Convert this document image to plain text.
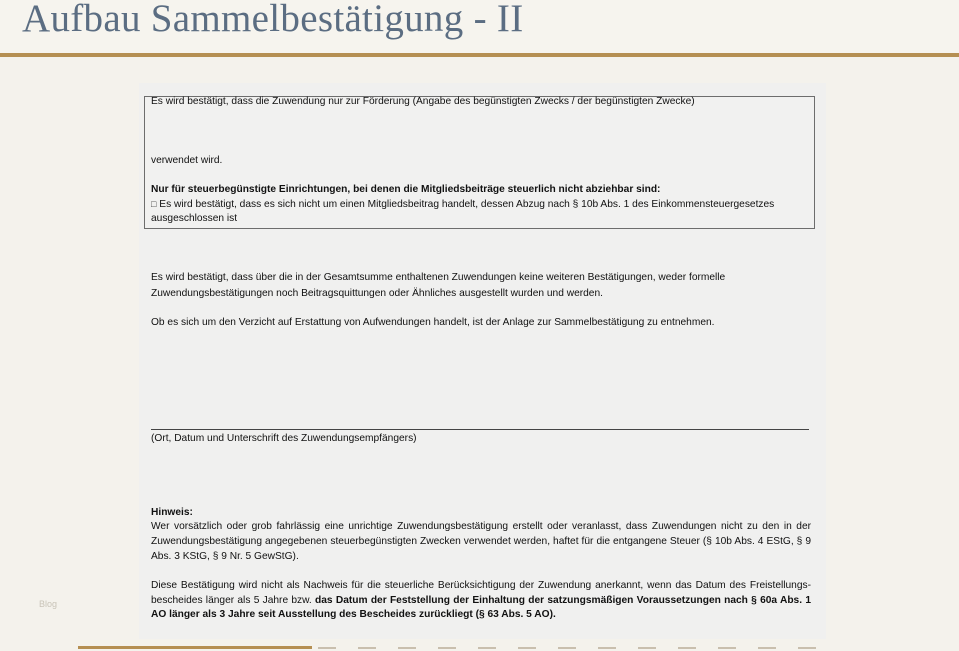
Aufbau Sammelbestätigung - II
Es wird bestätigt, dass die Zuwendung nur zur Förderung (Angabe des begünstigten Zwecks / der begünstigten Zwecke)
verwendet wird.
Nur für steuerbegünstigte Einrichtungen, bei denen die Mitgliedsbeiträge steuerlich nicht abziehbar sind:
□ Es wird bestätigt, dass es sich nicht um einen Mitgliedsbeitrag handelt, dessen Abzug nach § 10b Abs. 1 des Einkommensteuergesetzes
ausgeschlossen ist
Es wird bestätigt, dass über die in der Gesamtsumme enthaltenen Zuwendungen keine weiteren Bestätigungen, weder formelle
Zuwendungsbestätigungen noch Beitragsquittungen oder Ähnliches ausgestellt wurden und werden.
Ob es sich um den Verzicht auf Erstattung von Aufwendungen handelt, ist der Anlage zur Sammelbestätigung zu entnehmen.
(Ort, Datum und Unterschrift des Zuwendungsempfängers)
Hinweis:
Wer vorsätzlich oder grob fahrlässig eine unrichtige Zuwendungsbestätigung erstellt oder veranlasst, dass Zuwendungen nicht zu den in der
Zuwendungsbestätigung angegebenen steuerbegünstigten Zwecken verwendet werden, haftet für die entgangene Steuer (§ 10b Abs. 4 EStG, § 9
Abs. 3 KStG, § 9 Nr. 5 GewStG).
Diese Bestätigung wird nicht als Nachweis für die steuerliche Berücksichtigung der Zuwendung anerkannt, wenn das Datum des Freistellungs-
bescheides länger als 5 Jahre bzw. das Datum der Feststellung der Einhaltung der satzungsmäßigen Voraussetzungen nach § 60a Abs. 1
AO länger als 3 Jahre seit Ausstellung des Bescheides zurückliegt (§ 63 Abs. 5 AO).
Blog
